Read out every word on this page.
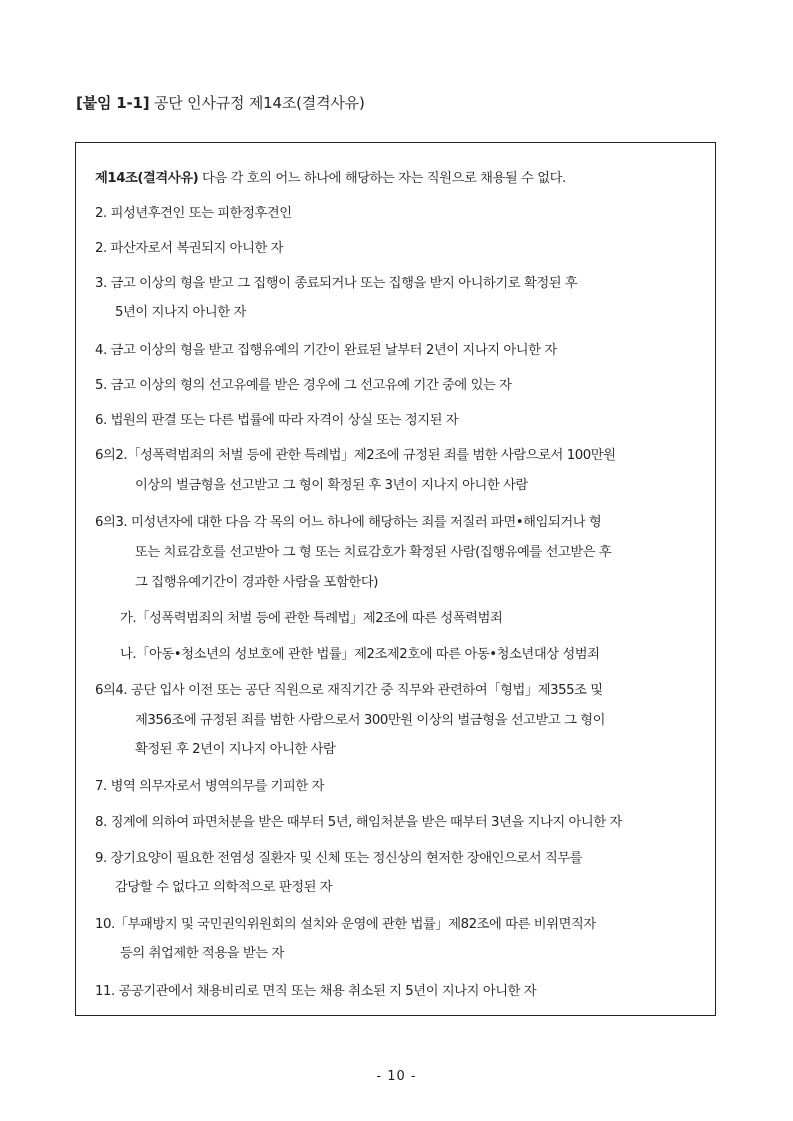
[붙임 1-1] 공단 인사규정 제14조(결격사유)
제14조(결격사유) 다음 각 호의 어느 하나에 해당하는 자는 직원으로 채용될 수 없다.
2. 피성년후견인 또는 피한정후견인
2. 파산자로서 복권되지 아니한 자
3. 금고 이상의 형을 받고 그 집행이 종료되거나 또는 집행을 받지 아니하기로 확정된 후
5년이 지나지 아니한 자
4. 금고 이상의 형을 받고 집행유예의 기간이 완료된 날부터 2년이 지나지 아니한 자
5. 금고 이상의 형의 선고유예를 받은 경우에 그 선고유예 기간 중에 있는 자
6. 법원의 판결 또는 다른 법률에 따라 자격이 상실 또는 정지된 자
6의2.「성폭력범죄의 처벌 등에 관한 특례법」제2조에 규정된 죄를 범한 사람으로서 100만원
이상의 벌금형을 선고받고 그 형이 확정된 후 3년이 지나지 아니한 사람
6의3. 미성년자에 대한 다음 각 목의 어느 하나에 해당하는 죄를 저질러 파면•해임되거나 형
또는 치료감호를 선고받아 그 형 또는 치료감호가 확정된 사람(집행유예를 선고받은 후
그 집행유예기간이 경과한 사람을 포함한다)
가.「성폭력범죄의 처벌 등에 관한 특례법」제2조에 따른 성폭력범죄
나.「아동•청소년의 성보호에 관한 법률」제2조제2호에 따른 아동•청소년대상 성범죄
6의4. 공단 입사 이전 또는 공단 직원으로 재직기간 중 직무와 관련하여「형법」제355조 및
제356조에 규정된 죄를 범한 사람으로서 300만원 이상의 벌금형을 선고받고 그 형이
확정된 후 2년이 지나지 아니한 사람
7. 병역 의무자로서 병역의무를 기피한 자
8. 징계에 의하여 파면처분을 받은 때부터 5년, 해임처분을 받은 때부터 3년을 지나지 아니한 자
9. 장기요양이 필요한 전염성 질환자 및 신체 또는 정신상의 현저한 장애인으로서 직무를
감당할 수 없다고 의학적으로 판정된 자
10.「부패방지 및 국민권익위원회의 설치와 운영에 관한 법률」제82조에 따른 비위면직자
등의 취업제한 적용을 받는 자
11. 공공기관에서 채용비리로 면직 또는 채용 취소된 지 5년이 지나지 아니한 자
- 10 -
